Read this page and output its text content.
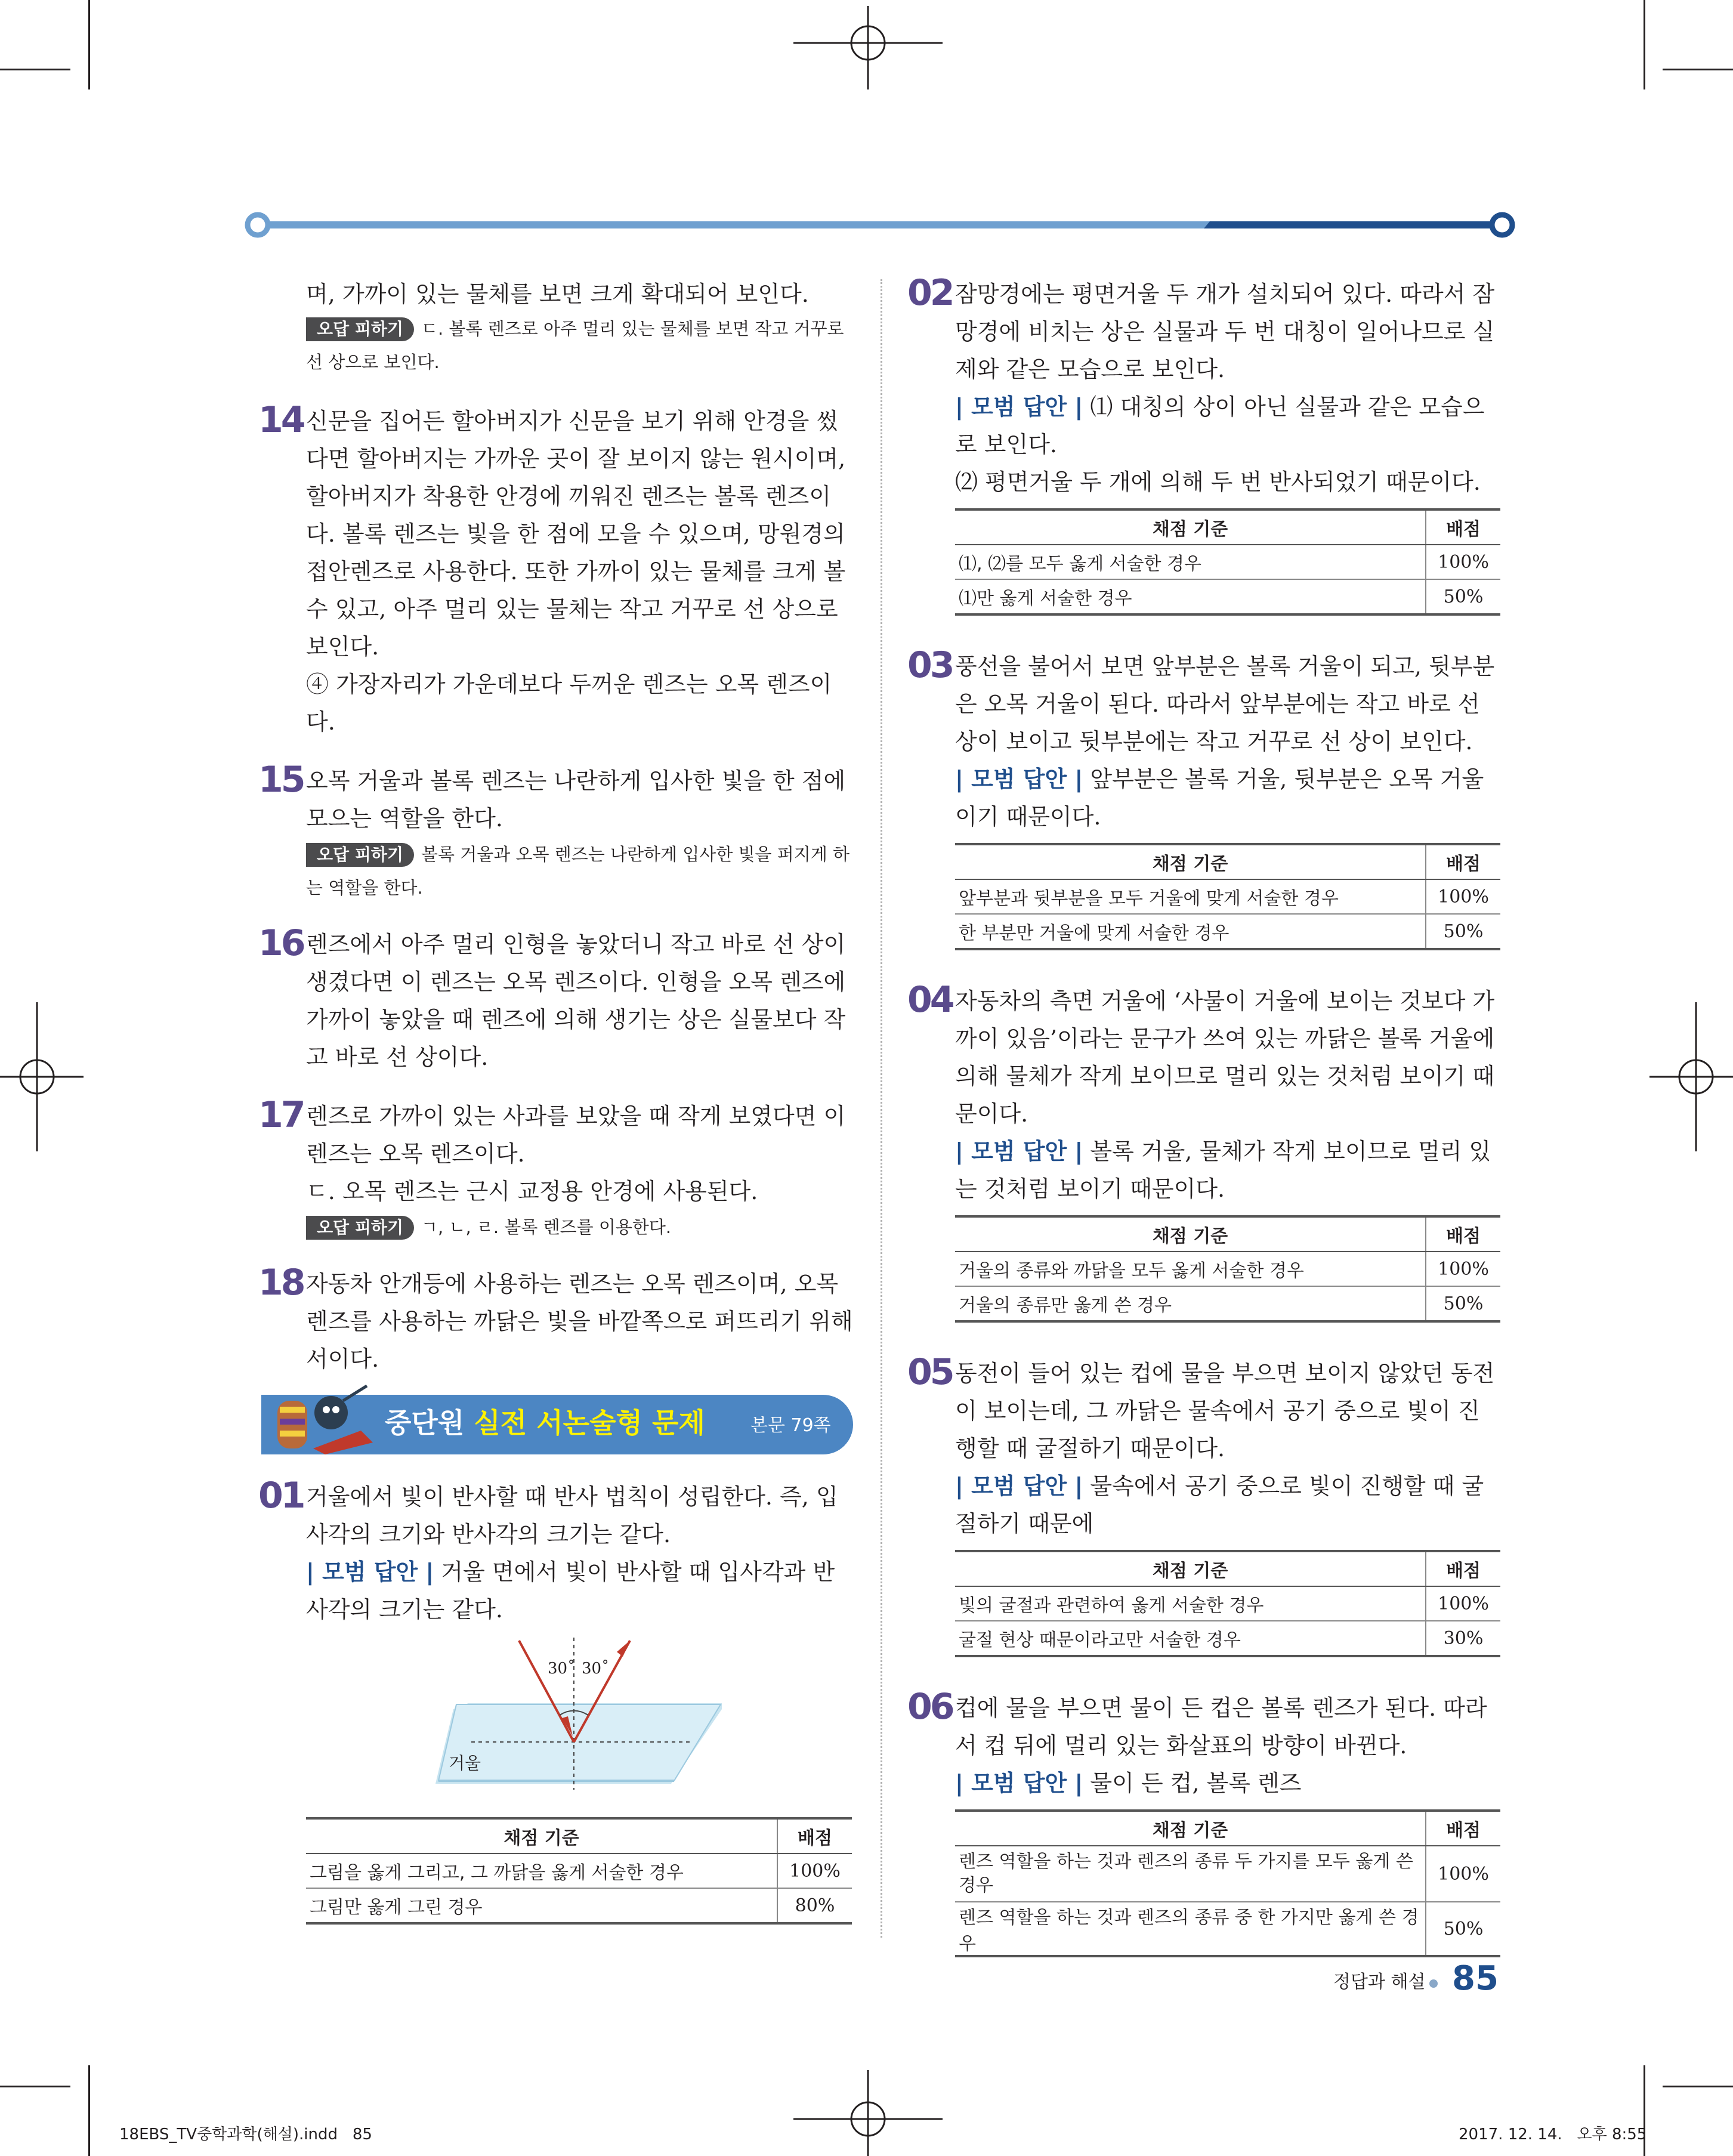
며, 가까이 있는 물체를 보면 크게 확대되어 보인다.

오답 피하기 ㄷ. 볼록 렌즈로 아주 멀리 있는 물체를 보면 작고 거꾸로 선 상으로 보인다.

14 신문을 집어든 할아버지가 신문을 보기 위해 안경을 썼다면 할아버지는 가까운 곳이 잘 보이지 않는 원시이며, 할아버지가 착용한 안경에 끼워진 렌즈는 볼록 렌즈이다. 볼록 렌즈는 빛을 한 점에 모을 수 있으며, 망원경의 접안렌즈로 사용한다. 또한 가까이 있는 물체를 크게 볼 수 있고, 아주 멀리 있는 물체는 작고 거꾸로 선 상으로 보인다.

④ 가장자리가 가운데보다 두꺼운 렌즈는 오목 렌즈이다.

15 오목 거울과 볼록 렌즈는 나란하게 입사한 빛을 한 점에 모으는 역할을 한다.

오답 피하기 볼록 거울과 오목 렌즈는 나란하게 입사한 빛을 퍼지게 하는 역할을 한다.

16 렌즈에서 아주 멀리 인형을 놓았더니 작고 바로 선 상이 생겼다면 이 렌즈는 오목 렌즈이다. 인형을 오목 렌즈에 가까이 놓았을 때 렌즈에 의해 생기는 상은 실물보다 작고 바로 선 상이다.

17 렌즈로 가까이 있는 사과를 보았을 때 작게 보였다면 이 렌즈는 오목 렌즈이다.

ㄷ. 오목 렌즈는 근시 교정용 안경에 사용된다.

오답 피하기 ㄱ, ㄴ, ㄹ. 볼록 렌즈를 이용한다.

18 자동차 안개등에 사용하는 렌즈는 오목 렌즈이며, 오목 렌즈를 사용하는 까닭은 빛을 바깥쪽으로 퍼뜨리기 위해서이다.

중단원 실전 서논술형 문제	본문 79쪽
01 거울에서 빛이 반사할 때 반사 법칙이 성립한다. 즉, 입사각의 크기와 반사각의 크기는 같다.

| 모범 답안 | 거울 면에서 빛이 반사할 때 입사각과 반사각의 크기는 같다.

30˚ 30˚
거울
채점 기준	배점
그림을 옳게 그리고, 그 까닭을 옳게 서술한 경우	100%
그림만 옳게 그린 경우	80%
02 잠망경에는 평면거울 두 개가 설치되어 있다. 따라서 잠망경에 비치는 상은 실물과 두 번 대칭이 일어나므로 실제와 같은 모습으로 보인다.

| 모범 답안 | ⑴ 대칭의 상이 아닌 실물과 같은 모습으로 보인다.

⑵ 평면거울 두 개에 의해 두 번 반사되었기 때문이다.

채점 기준	배점
⑴, ⑵를 모두 옳게 서술한 경우	100%
⑴만 옳게 서술한 경우	50%
03 풍선을 불어서 보면 앞부분은 볼록 거울이 되고, 뒷부분은 오목 거울이 된다. 따라서 앞부분에는 작고 바로 선 상이 보이고 뒷부분에는 작고 거꾸로 선 상이 보인다.

| 모범 답안 | 앞부분은 볼록 거울, 뒷부분은 오목 거울이기 때문이다.

채점 기준	배점
앞부분과 뒷부분을 모두 거울에 맞게 서술한 경우	100%
한 부분만 거울에 맞게 서술한 경우	50%
04 자동차의 측면 거울에 ‘사물이 거울에 보이는 것보다 가까이 있음’이라는 문구가 쓰여 있는 까닭은 볼록 거울에 의해 물체가 작게 보이므로 멀리 있는 것처럼 보이기 때문이다.

| 모범 답안 | 볼록 거울, 물체가 작게 보이므로 멀리 있는 것처럼 보이기 때문이다.

채점 기준	배점
거울의 종류와 까닭을 모두 옳게 서술한 경우	100%
거울의 종류만 옳게 쓴 경우	50%
05 동전이 들어 있는 컵에 물을 부으면 보이지 않았던 동전이 보이는데, 그 까닭은 물속에서 공기 중으로 빛이 진행할 때 굴절하기 때문이다.

| 모범 답안 | 물속에서 공기 중으로 빛이 진행할 때 굴절하기 때문에

채점 기준	배점
빛의 굴절과 관련하여 옳게 서술한 경우	100%
굴절 현상 때문이라고만 서술한 경우	30%
06 컵에 물을 부으면 물이 든 컵은 볼록 렌즈가 된다. 따라서 컵 뒤에 멀리 있는 화살표의 방향이 바뀐다.

| 모범 답안 | 물이 든 컵, 볼록 렌즈

채점 기준	배점
렌즈 역할을 하는 것과 렌즈의 종류 두 가지를 모두 옳게 쓴 경우	100%
렌즈 역할을 하는 것과 렌즈의 종류 중 한 가지만 옳게 쓴 경우	50%
정답과 해설 85
18EBS_TV중학과학(해설).indd   85	2017. 12. 14.   오후 8:55
